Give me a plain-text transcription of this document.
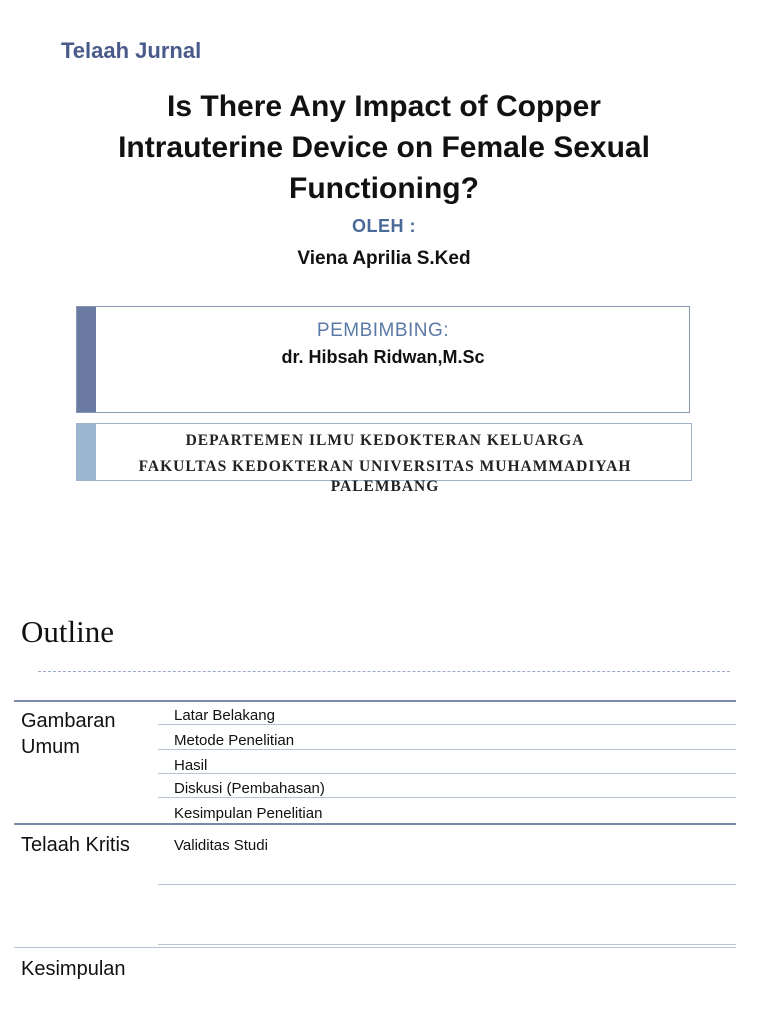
Telaah Jurnal
Is There Any Impact of Copper
Intrauterine Device on Female Sexual
Functioning?
OLEH :
Viena Aprilia S.Ked
PEMBIMBING:
dr. Hibsah Ridwan,M.Sc
DEPARTEMEN ILMU KEDOKTERAN KELUARGA
FAKULTAS KEDOKTERAN UNIVERSITAS MUHAMMADIYAH
PALEMBANG
Outline
Gambaran
Umum
Latar Belakang
Metode Penelitian
Hasil
Diskusi (Pembahasan)
Kesimpulan Penelitian
Telaah Kritis	Validitas Studi
Kesimpulan
